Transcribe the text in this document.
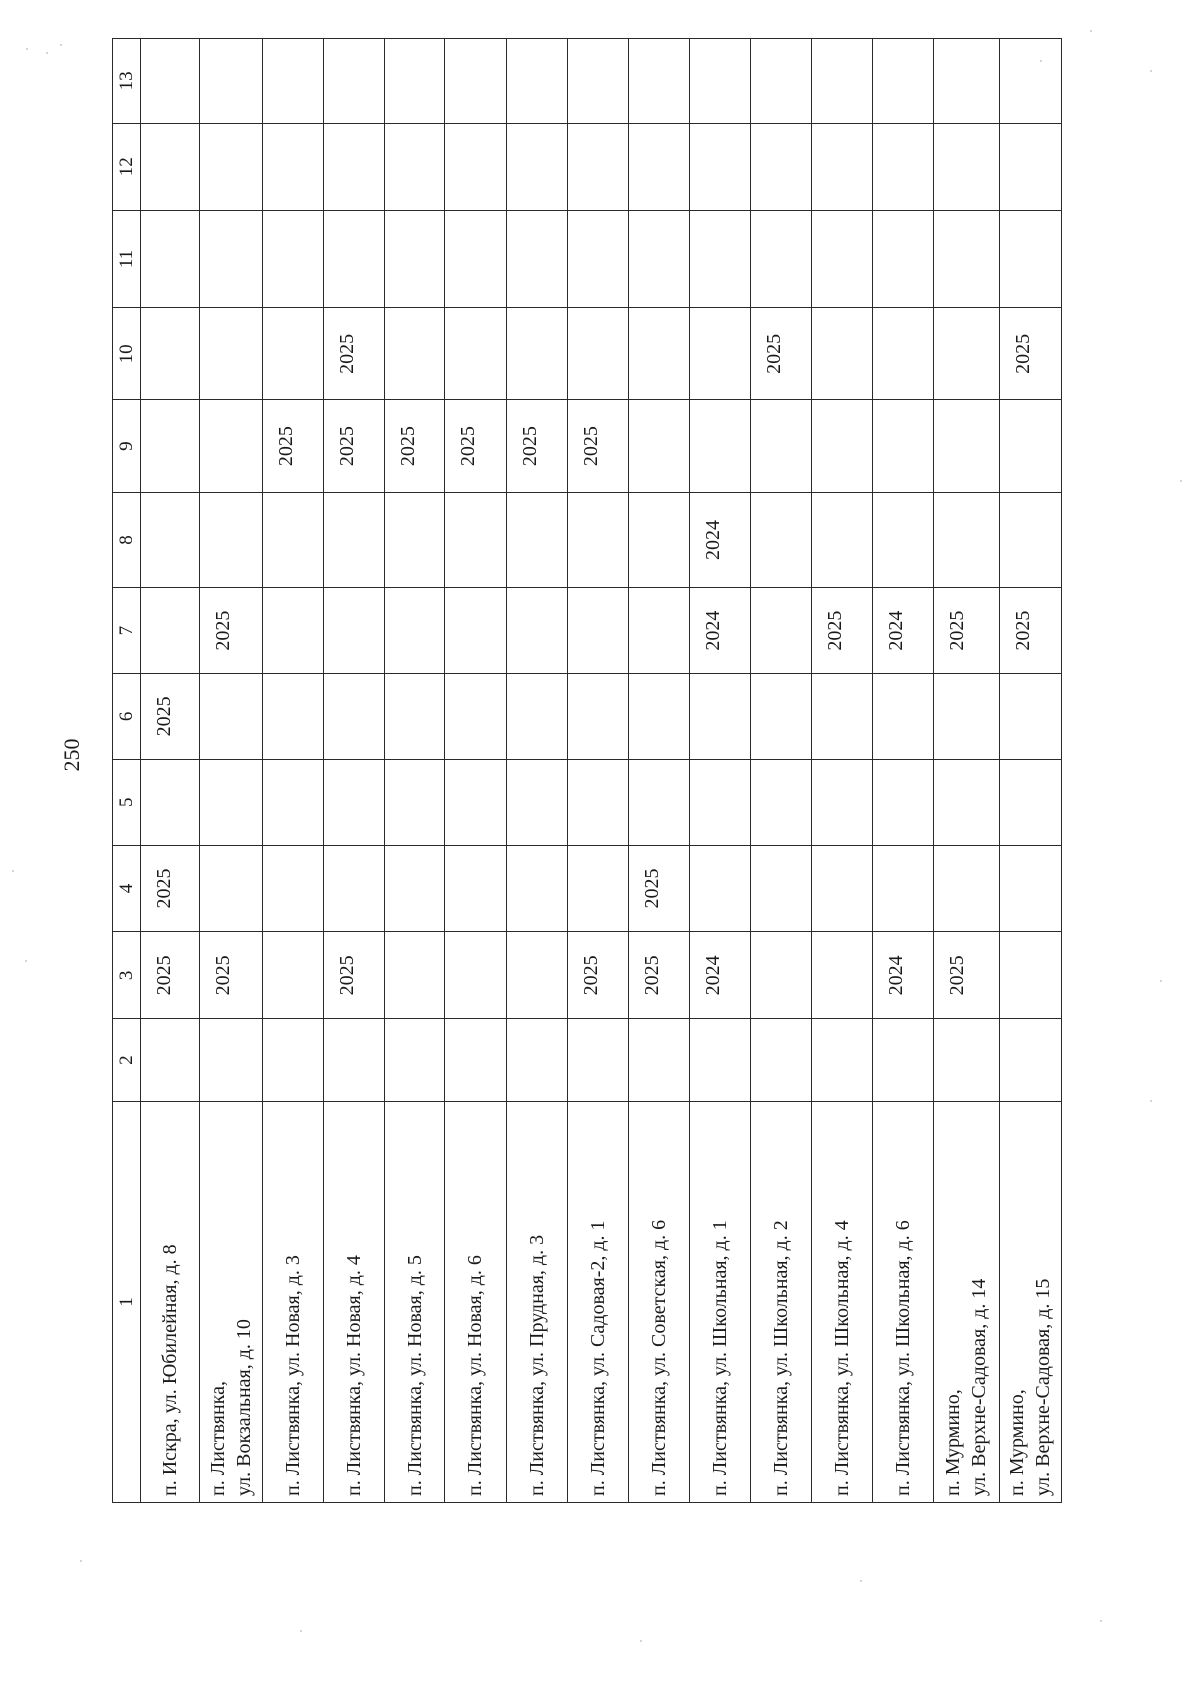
250
1	2	3	4	5	6	7	8	9	10	11	12	13
п. Искра, ул. Юбилейная, д. 8		2025	2025		2025							
п. Листвянка, ул. Вокзальная, д. 10		2025				2025						
п. Листвянка, ул. Новая, д. 3								2025				
п. Листвянка, ул. Новая, д. 4		2025						2025	2025			
п. Листвянка, ул. Новая, д. 5								2025				
п. Листвянка, ул. Новая, д. 6								2025				
п. Листвянка, ул. Прудная, д. 3								2025				
п. Листвянка, ул. Садовая-2, д. 1		2025						2025				
п. Листвянка, ул. Советская, д. 6		2025	2025									
п. Листвянка, ул. Школьная, д. 1		2024				2024	2024					
п. Листвянка, ул. Школьная, д. 2									2025			
п. Листвянка, ул. Школьная, д. 4						2025						
п. Листвянка, ул. Школьная, д. 6		2024				2024						
п. Мурмино, ул. Верхне-Садовая, д. 14		2025				2025						
п. Мурмино, ул. Верхне-Садовая, д. 15						2025			2025			
